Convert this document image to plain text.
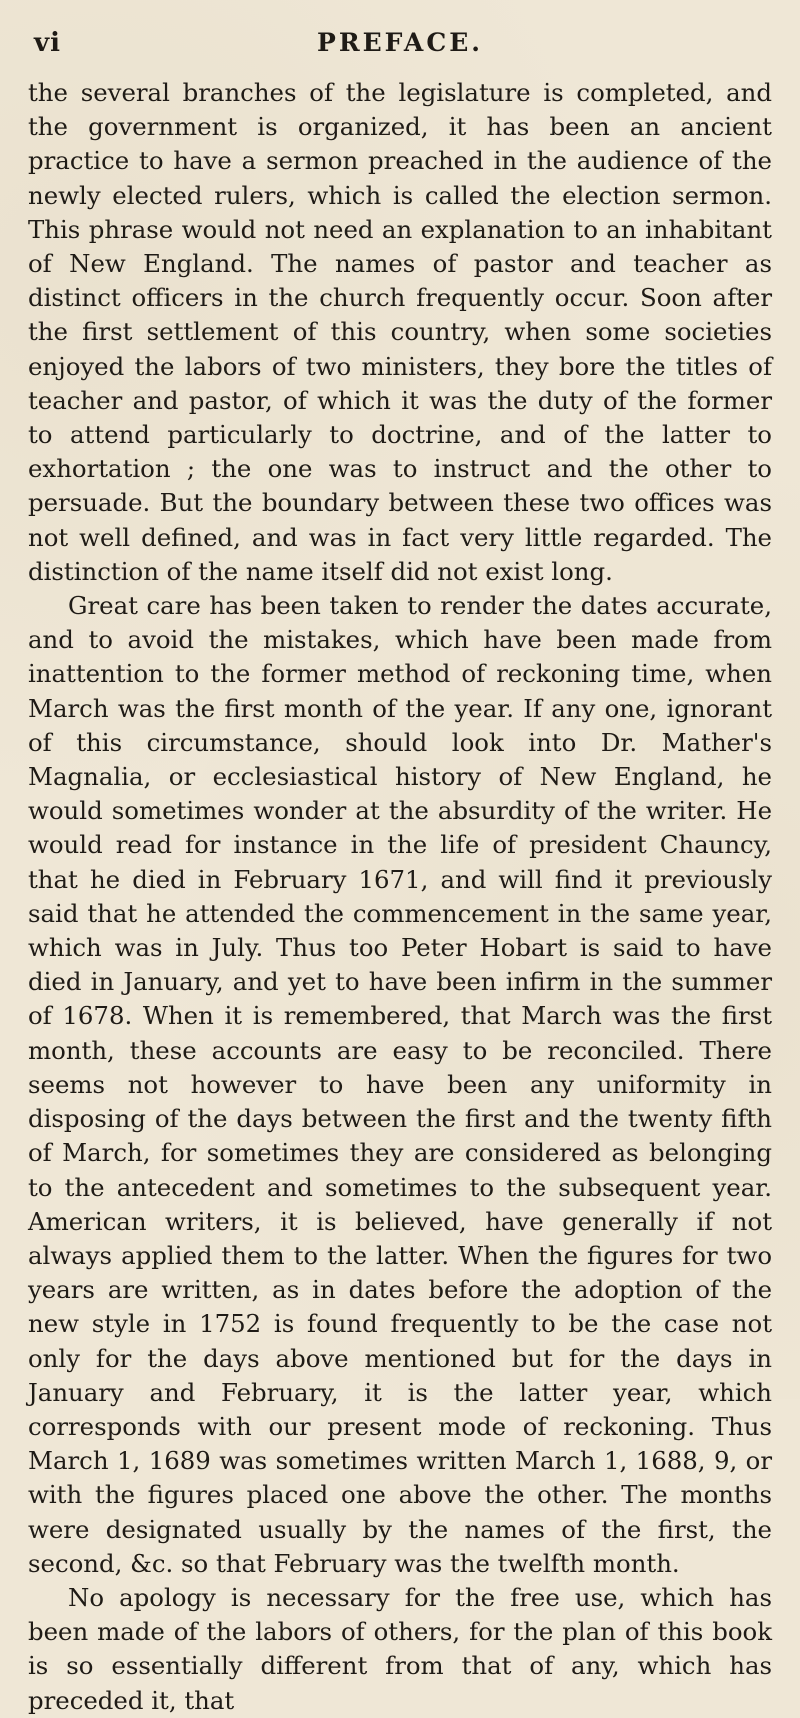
vi	PREFACE.

the several branches of the legislature is completed, and the government is organized, it has been an ancient practice to have a sermon preached in the audience of the newly elected rulers, which is called the election sermon. This phrase would not need an explanation to an inhabitant of New England. The names of pastor and teacher as distinct officers in the church frequently occur. Soon after the first settlement of this country, when some societies enjoyed the labors of two ministers, they bore the titles of teacher and pastor, of which it was the duty of the former to attend particularly to doctrine, and of the latter to exhortation ; the one was to instruct and the other to persuade. But the boundary between these two offices was not well defined, and was in fact very little regarded. The distinction of the name itself did not exist long.

Great care has been taken to render the dates accurate, and to avoid the mistakes, which have been made from inattention to the former method of reckoning time, when March was the first month of the year. If any one, ignorant of this circumstance, should look into Dr. Mather's Magnalia, or ecclesiastical history of New England, he would sometimes wonder at the absurdity of the writer. He would read for instance in the life of president Chauncy, that he died in February 1671, and will find it previously said that he attended the commencement in the same year, which was in July. Thus too Peter Hobart is said to have died in January, and yet to have been infirm in the summer of 1678. When it is remembered, that March was the first month, these accounts are easy to be reconciled. There seems not however to have been any uniformity in disposing of the days between the first and the twenty fifth of March, for sometimes they are considered as belonging to the antecedent and sometimes to the subsequent year. American writers, it is believed, have generally if not always applied them to the latter. When the figures for two years are written, as in dates before the adoption of the new style in 1752 is found frequently to be the case not only for the days above mentioned but for the days in January and February, it is the latter year, which corresponds with our present mode of reckoning. Thus March 1, 1689 was sometimes written March 1, 1688, 9, or with the figures placed one above the other. The months were designated usually by the names of the first, the second, &c. so that February was the twelfth month.

No apology is necessary for the free use, which has been made of the labors of others, for the plan of this book is so essentially different from that of any, which has preceded it, that
